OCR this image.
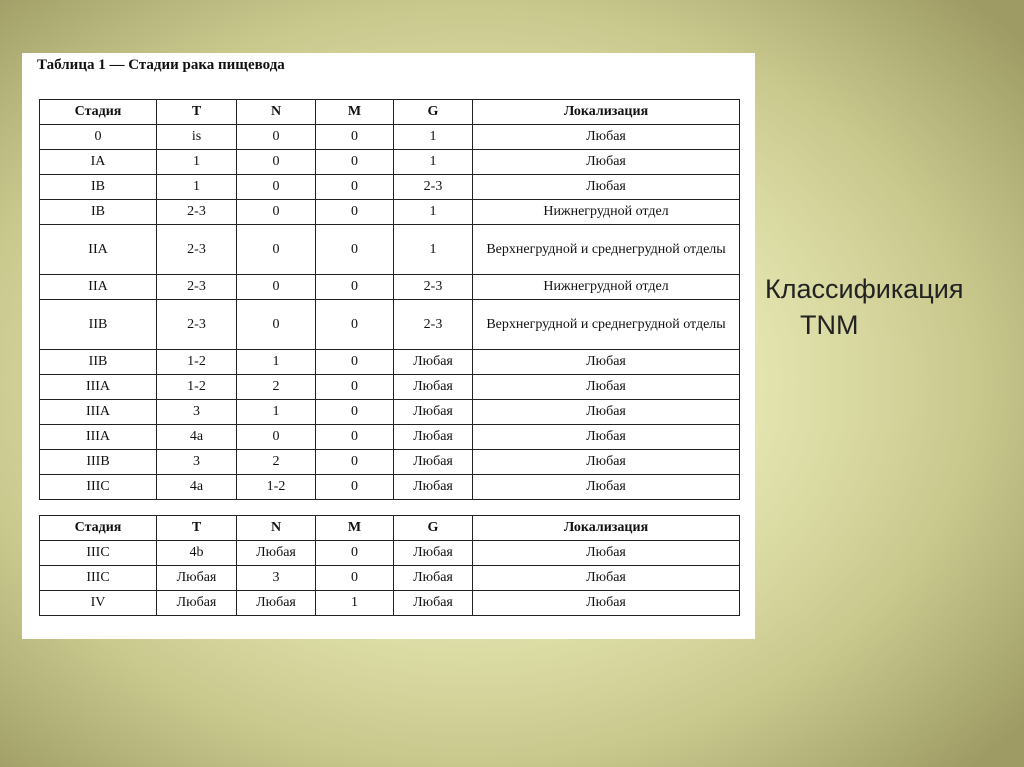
Таблица 1 — Стадии рака пищевода
Стадия	T	N	M	G	Локализация
0	is	0	0	1	Любая
IA	1	0	0	1	Любая
IB	1	0	0	2-3	Любая
IB	2-3	0	0	1	Нижнегрудной отдел
IIA	2-3	0	0	1	Верхнегрудной и среднегрудной отделы
IIA	2-3	0	0	2-3	Нижнегрудной отдел
IIB	2-3	0	0	2-3	Верхнегрудной и среднегрудной отделы
IIB	1-2	1	0	Любая	Любая
IIIA	1-2	2	0	Любая	Любая
IIIA	3	1	0	Любая	Любая
IIIA	4a	0	0	Любая	Любая
IIIB	3	2	0	Любая	Любая
IIIC	4a	1-2	0	Любая	Любая
Стадия	T	N	M	G	Локализация
IIIC	4b	Любая	0	Любая	Любая
IIIC	Любая	3	0	Любая	Любая
IV	Любая	Любая	1	Любая	Любая
Классификация
TNM
